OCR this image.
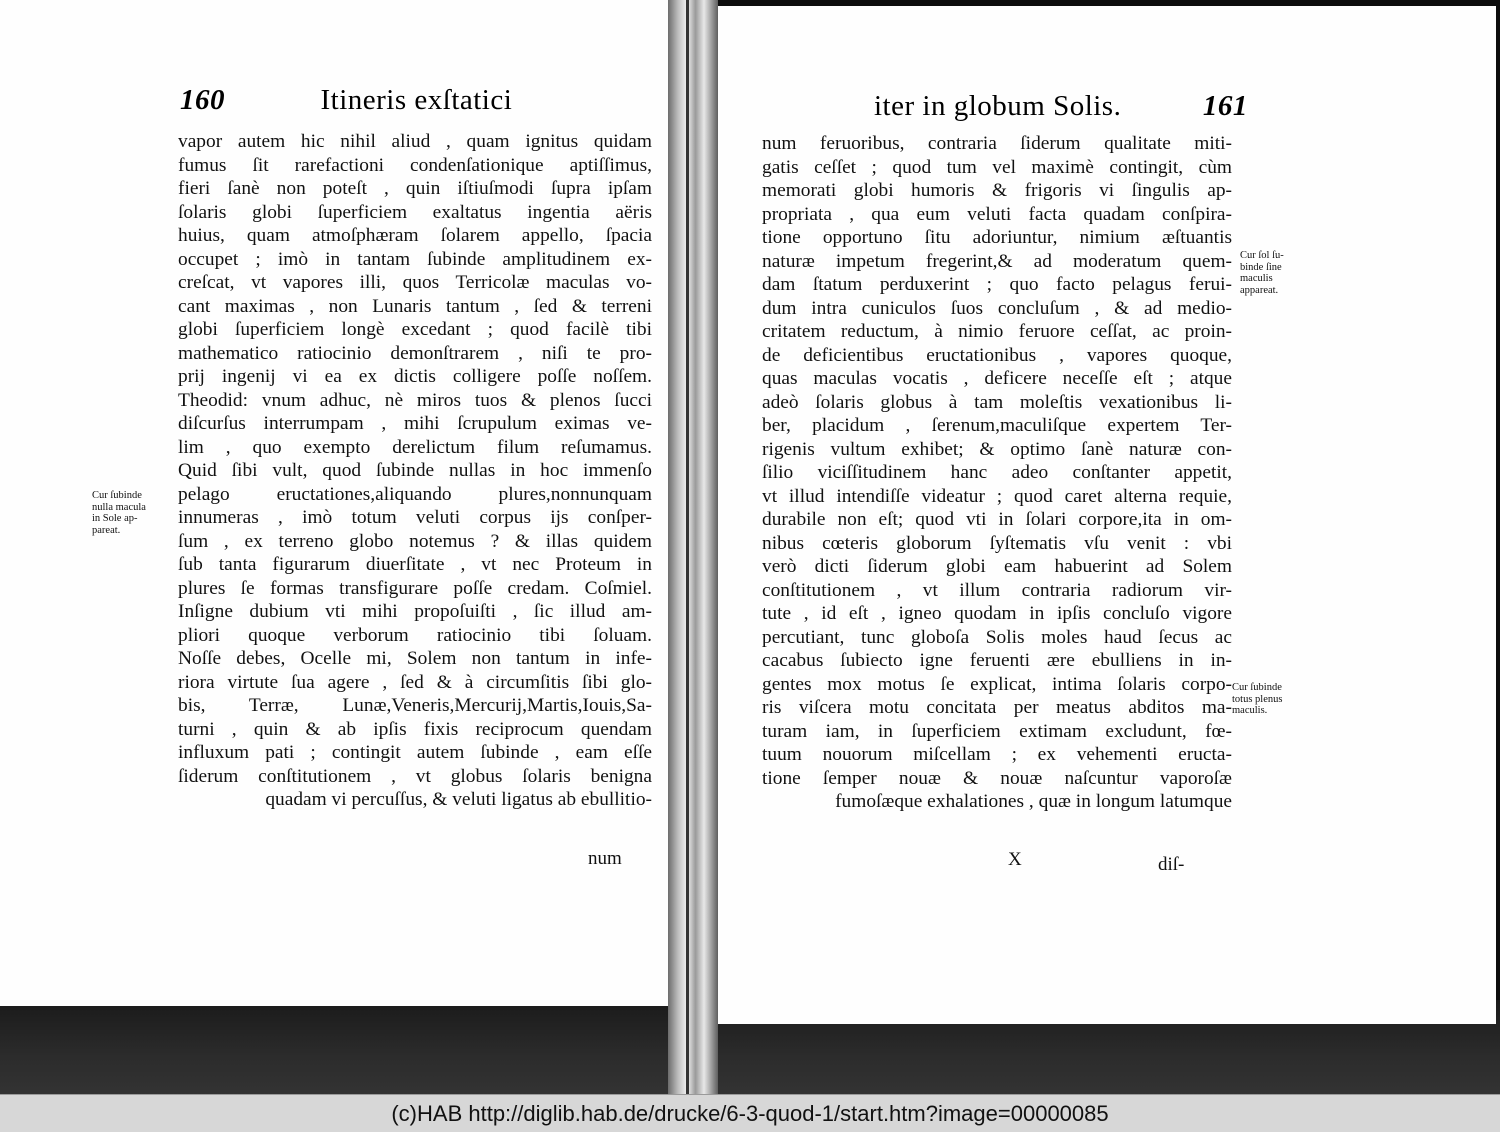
160	Itineris exſtatici
vapor autem hic nihil aliud , quam ignitus quidam
fumus ſit rarefactioni condenſationique aptiſſimus,
fieri ſanè non poteſt , quin iſtiuſmodi ſupra ipſam
ſolaris globi ſuperficiem exaltatus ingentia aëris
huius, quam atmoſphæram ſolarem appello, ſpacia
occupet ; imò in tantam ſubinde amplitudinem ex-
creſcat, vt vapores illi, quos Terricolæ maculas vo-
cant maximas , non Lunaris tantum , ſed & terreni
globi ſuperficiem longè excedant ; quod facilè tibi
mathematico ratiocinio demonſtrarem , niſi te pro-
prij ingenij vi ea ex dictis colligere poſſe noſſem.
Theodid: vnum adhuc, nè miros tuos & plenos ſucci
diſcurſus interrumpam , mihi ſcrupulum eximas ve-
lim , quo exempto derelictum filum reſumamus.
Quid ſibi vult, quod ſubinde nullas in hoc immenſo
pelago eructationes,aliquando plures,nonnunquam
innumeras , imò totum veluti corpus ijs conſper-
ſum , ex terreno globo notemus ? & illas quidem
ſub tanta figurarum diuerſitate , vt nec Proteum in
plures ſe formas transfigurare poſſe credam. Coſmiel.
Inſigne dubium vti mihi propoſuiſti , ſic illud am-
pliori quoque verborum ratiocinio tibi ſoluam.
Noſſe debes, Ocelle mi, Solem non tantum in infe-
riora virtute ſua agere , ſed & à circumſitis ſibi glo-
bis, Terræ, Lunæ,Veneris,Mercurij,Martis,Iouis,Sa-
turni , quin & ab ipſis fixis reciprocum quendam
influxum pati ; contingit autem ſubinde , eam eſſe
ſiderum conſtitutionem , vt globus ſolaris benigna
quadam vi percuſſus, & veluti ligatus ab ebullitio-
Cur ſubinde
nulla macula
in Sole ap-
pareat.
num
iter in globum Solis.	161
num feruoribus, contraria ſiderum qualitate miti-
gatis ceſſet ; quod tum vel maximè contingit, cùm
memorati globi humoris & frigoris vi ſingulis ap-
propriata , qua eum veluti facta quadam conſpira-
tione opportuno ſitu adoriuntur, nimium æſtuantis
naturæ impetum fregerint,& ad moderatum quem-
dam ſtatum perduxerint ; quo facto pelagus ferui-
dum intra cuniculos ſuos concluſum , & ad medio-
critatem reductum, à nimio feruore ceſſat, ac proin-
de deficientibus eructationibus , vapores quoque,
quas maculas vocatis , deficere neceſſe eſt ; atque
adeò ſolaris globus à tam moleſtis vexationibus li-
ber, placidum , ſerenum,maculiſque expertem Ter-
rigenis vultum exhibet; & optimo ſanè naturæ con-
ſilio viciſſitudinem hanc adeo conſtanter appetit,
vt illud intendiſſe videatur ; quod caret alterna requie,
durabile non eſt; quod vti in ſolari corpore,ita in om-
nibus cœteris globorum ſyſtematis vſu venit : vbi
verò dicti ſiderum globi eam habuerint ad Solem
conſtitutionem , vt illum contraria radiorum vir-
tute , id eſt , igneo quodam in ipſis concluſo vigore
percutiant, tunc globoſa Solis moles haud ſecus ac
cacabus ſubiecto igne feruenti ære ebulliens in in-
gentes mox motus ſe explicat, intima ſolaris corpo-
ris viſcera motu concitata per meatus abditos ma-
turam iam, in ſuperficiem extimam excludunt, fœ-
tuum nouorum miſcellam ; ex vehementi eructa-
tione ſemper nouæ & nouæ naſcuntur vaporoſæ
fumoſæque exhalationes , quæ in longum latumque
Cur ſol ſu-
binde ſine
maculis
appareat.
Cur ſubinde
totus plenus
maculis.
X	diſ-
(c)HAB http://diglib.hab.de/drucke/6-3-quod-1/start.htm?image=00000085
